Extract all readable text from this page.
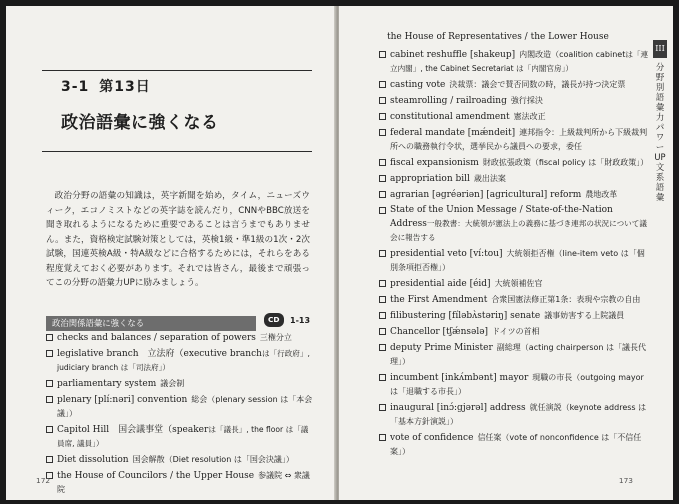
3-1 第13日
政治語彙に強くなる

政治分野の語彙の知識は，英字新聞を始め，タイム，ニューズウィーク，エコノミストなどの英字誌を読んだり，CNNやBBC放送を聞き取れるようになるために重要であることは言うまでもありません。また，資格検定試験対策としては，英検1級・準1級の1次・2次試験，国連英検A級・特A級などに合格するためには，それらをある程度覚えておく必要があります。それでは皆さん，最後まで頑張ってこの分野の語彙力UPに励みましょう。

政治関係語彙に強くなる	CD	1-13
checks and balances / separation of powers 三権分立
legislative branch　立法府（executive branchは「行政府」, judiciary branch は「司法府」）
parliamentary system 議会制
plenary [plí:nəri] convention 総会（plenary session は「本会議」）
Capitol Hill　国会議事堂（speakerは「議長」, the floor は「議員席, 議員」）
Diet dissolution 国会解散（Diet resolution は「国会決議」）
the House of Councilors / the Upper House 参議院 ⇔ 衆議院
172
the House of Representatives / the Lower House
III
分野別語彙力パワーUP文系語彙
cabinet reshuffle [shakeup] 内閣改造（coalition cabinetは「連立内閣」, the Cabinet Secretariat は「内閣官房」）
casting vote 決裁票：議会で賛否同数の時，議長が持つ決定票
steamrolling / railroading 強行採決
constitutional amendment 憲法改正
federal mandate [mǽndeit] 連邦指令：上級裁判所から下級裁判所への職務執行令状，選挙民から議員への要求，委任
fiscal expansionism 財政拡張政策（fiscal policy は「財政政策」）
appropriation bill 歳出法案
agrarian [əgréəriən] [agricultural] reform 農地改革
State of the Union Message / State-of-the-Nation Address一般教書：大統領が憲法上の義務に基づき連邦の状況について議会に報告する
presidential veto [ví:tou] 大統領拒否権（line-item veto は「個別条項拒否権」）
presidential aide [éid] 大統領補佐官
the First Amendment 合衆国憲法修正第1条：表現や宗教の自由
filibustering [fíləbʌ̀stəriŋ] senate 議事妨害する上院議員
Chancellor [tʃǽnsələ] ドイツの首相
deputy Prime Minister 副総理（acting chairperson は「議長代理」）
incumbent [inkʌ́mbənt] mayor 現職の市長（outgoing mayor は「退職する市長」）
inaugural [inɔ́:gjərəl] address 就任演説（keynote address は「基本方針演説」）
vote of confidence 信任案（vote of nonconfidence は「不信任案」）
173
